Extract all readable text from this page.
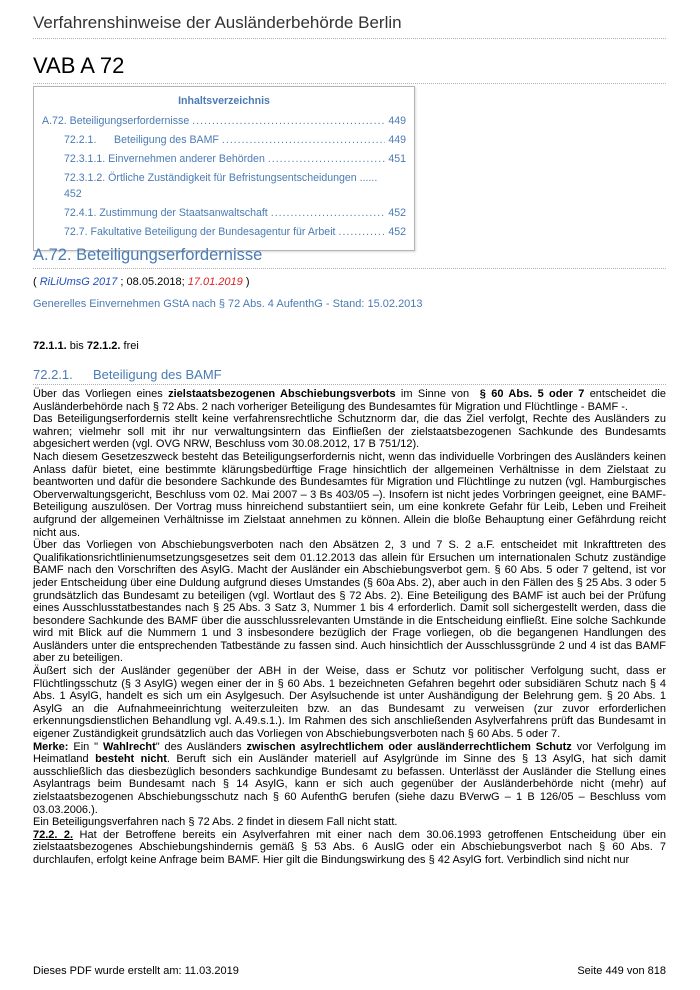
Verfahrenshinweise der Ausländerbehörde Berlin
VAB A 72
Inhaltsverzeichnis
A.72. Beteiligungserfordernisse .....	449
72.2.1.      Beteiligung des BAMF .....	449
72.3.1.1. Einvernehmen anderer Behörden .....	451
72.3.1.2. Örtliche Zuständigkeit für Befristungsentscheidungen ......
452
72.4.1. Zustimmung der Staatsanwaltschaft .....	452
72.7. Fakultative Beteiligung der Bundesagentur für Arbeit .....	452
A.72. Beteiligungserfordernisse
( RiLiUmsG 2017 ; 08.05.2018; 17.01.2019 )
Generelles Einvernehmen GStA nach § 72 Abs. 4 AufenthG - Stand: 15.02.2013
72.1.1. bis 72.1.2. frei
72.2.1. Beteiligung des BAMF

Über das Vorliegen eines zielstaatsbezogenen Abschiebungsverbots im Sinne von  § 60 Abs. 5 oder 7 entscheidet die Ausländerbehörde nach § 72 Abs. 2 nach vorheriger Beteiligung des Bundesamtes für Migration und Flüchtlinge - BAMF -.

Das Beteiligungserfordernis stellt keine verfahrensrechtliche Schutznorm dar, die das Ziel verfolgt, Rechte des Ausländers zu wahren; vielmehr soll mit ihr nur verwaltungsintern das Einfließen der zielstaatsbezogenen Sachkunde des Bundesamts abgesichert werden (vgl. OVG NRW, Beschluss vom 30.08.2012, 17 B 751/12).

Nach diesem Gesetzeszweck besteht das Beteiligungserfordernis nicht, wenn das individuelle Vorbringen des Ausländers keinen Anlass dafür bietet, eine bestimmte klärungsbedürftige Frage hinsichtlich der allgemeinen Verhältnisse in dem Zielstaat zu beantworten und dafür die besondere Sachkunde des Bundesamtes für Migration und Flüchtlinge zu nutzen (vgl. Hamburgisches Oberverwaltungsgericht, Beschluss vom 02. Mai 2007 – 3 Bs 403/05 –). Insofern ist nicht jedes Vorbringen geeignet, eine BAMF-Beteiligung auszulösen. Der Vortrag muss hinreichend substantiiert sein, um eine konkrete Gefahr für Leib, Leben und Freiheit aufgrund der allgemeinen Verhältnisse im Zielstaat annehmen zu können. Allein die bloße Behauptung einer Gefährdung reicht nicht aus.

Über das Vorliegen von Abschiebungsverboten nach den Absätzen 2, 3 und 7 S. 2 a.F. entscheidet mit Inkrafttreten des Qualifikationsrichtlinienumsetzungsgesetzes seit dem 01.12.2013 das allein für Ersuchen um internationalen Schutz zuständige BAMF nach den Vorschriften des AsylG. Macht der Ausländer ein Abschiebungsverbot gem. § 60 Abs. 5 oder 7 geltend, ist vor jeder Entscheidung über eine Duldung aufgrund dieses Umstandes (§ 60a Abs. 2), aber auch in den Fällen des § 25 Abs. 3 oder 5 grundsätzlich das Bundesamt zu beteiligen (vgl. Wortlaut des § 72 Abs. 2). Eine Beteiligung des BAMF ist auch bei der Prüfung eines Ausschlusstatbestandes nach § 25 Abs. 3 Satz 3, Nummer 1 bis 4 erforderlich. Damit soll sichergestellt werden, dass die besondere Sachkunde des BAMF über die ausschlussrelevanten Umstände in die Entscheidung einfließt. Eine solche Sachkunde wird mit Blick auf die Nummern 1 und 3 insbesondere bezüglich der Frage vorliegen, ob die begangenen Handlungen des Ausländers unter die entsprechenden Tatbestände zu fassen sind. Auch hinsichtlich der Ausschlussgründe 2 und 4 ist das BAMF aber zu beteiligen.

Äußert sich der Ausländer gegenüber der ABH in der Weise, dass er Schutz vor politischer Verfolgung sucht, dass er Flüchtlingsschutz (§ 3 AsylG) wegen einer der in § 60 Abs. 1 bezeichneten Gefahren begehrt oder subsidiären Schutz nach § 4 Abs. 1 AsylG, handelt es sich um ein Asylgesuch. Der Asylsuchende ist unter Aushändigung der Belehrung gem. § 20 Abs. 1 AsylG an die Aufnahmeeinrichtung weiterzuleiten bzw. an das Bundesamt zu verweisen (zur zuvor erforderlichen erkennungsdienstlichen Behandlung vgl. A.49.s.1.). Im Rahmen des sich anschließenden Asylverfahrens prüft das Bundesamt in eigener Zuständigkeit grundsätzlich auch das Vorliegen von Abschiebungsverboten nach § 60 Abs. 5 oder 7.

Merke: Ein " Wahlrecht" des Ausländers zwischen asylrechtlichem oder ausländerrechtlichem Schutz vor Verfolgung im Heimatland besteht nicht. Beruft sich ein Ausländer materiell auf Asylgründe im Sinne des § 13 AsylG, hat sich damit ausschließlich das diesbezüglich besonders sachkundige Bundesamt zu befassen. Unterlässt der Ausländer die Stellung eines Asylantrags beim Bundesamt nach § 14 AsylG, kann er sich auch gegenüber der Ausländerbehörde nicht (mehr) auf zielstaatsbezogenen Abschiebungsschutz nach § 60 AufenthG berufen (siehe dazu BVerwG – 1 B 126/05 – Beschluss vom 03.03.2006.).

Ein Beteiligungsverfahren nach § 72 Abs. 2 findet in diesem Fall nicht statt.

72.2. 2. Hat der Betroffene bereits ein Asylverfahren mit einer nach dem 30.06.1993 getroffenen Entscheidung über ein zielstaatsbezogenes Abschiebungshindernis gemäß § 53 Abs. 6 AuslG oder ein Abschiebungsverbot nach § 60 Abs. 7 durchlaufen, erfolgt keine Anfrage beim BAMF. Hier gilt die Bindungswirkung des § 42 AsylG fort. Verbindlich sind nicht nur

Dieses PDF wurde erstellt am: 11.03.2019	Seite 449 von 818
